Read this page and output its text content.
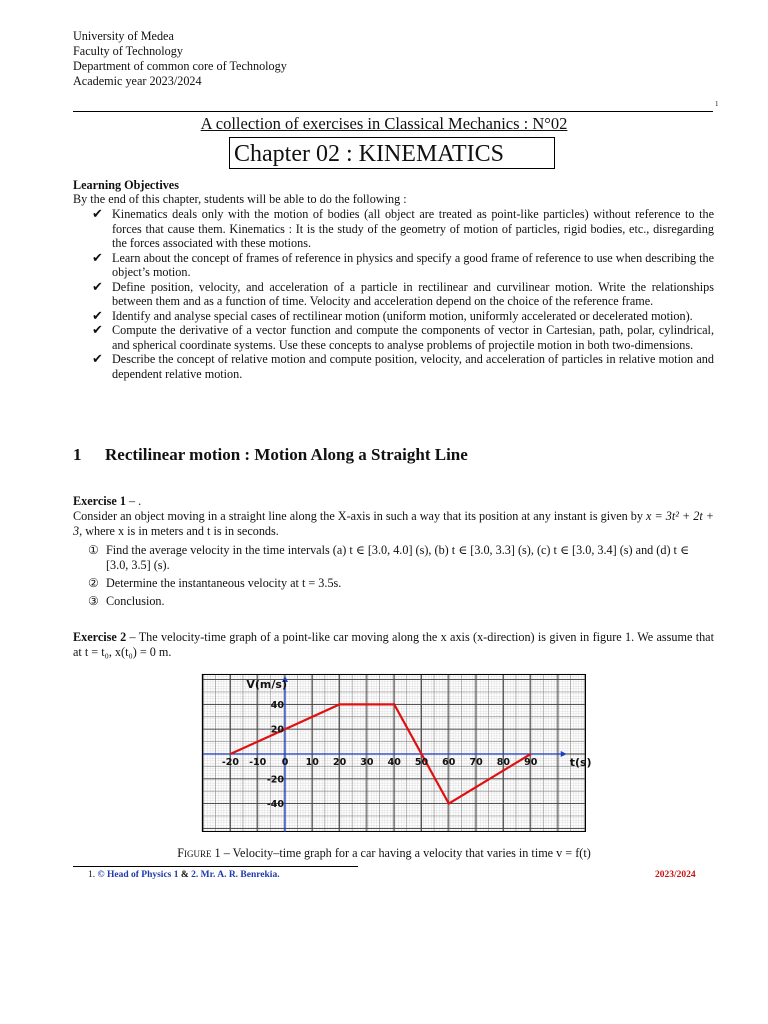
University of Medea
Faculty of Technology
Department of common core of Technology
Academic year 2023/2024
1
A collection of exercises in Classical Mechanics : N°02
Chapter 02 : KINEMATICS
Learning Objectives
By the end of this chapter, students will be able to do the following :
✔ Kinematics deals only with the motion of bodies (all object are treated as point-like particles) without reference to the forces that cause them. Kinematics : It is the study of the geometry of motion of particles, rigid bodies, etc., disregarding the forces associated with these motions.
✔ Learn about the concept of frames of reference in physics and specify a good frame of reference to use when describing the object’s motion.
✔ Define position, velocity, and acceleration of a particle in rectilinear and curvilinear motion. Write the relationships between them and as a function of time. Velocity and acceleration depend on the choice of the reference frame.
✔ Identify and analyse special cases of rectilinear motion (uniform motion, uniformly accelerated or decelerated motion).
✔ Compute the derivative of a vector function and compute the components of vector in Cartesian, path, polar, cylindrical, and spherical coordinate systems. Use these concepts to analyse problems of projectile motion in both two-dimensions.
✔ Describe the concept of relative motion and compute position, velocity, and acceleration of particles in relative motion and dependent relative motion.
1 Rectilinear motion : Motion Along a Straight Line
Exercise 1 – .
Consider an object moving in a straight line along the X-axis in such a way that its position at any instant is given by x = 3t² + 2t + 3, where x is in meters and t is in seconds.
① Find the average velocity in the time intervals (a) t ∈ [3.0, 4.0] (s), (b) t ∈ [3.0, 3.3] (s), (c) t ∈ [3.0, 3.4] (s) and (d) t ∈ [3.0, 3.5] (s).
② Determine the instantaneous velocity at t = 3.5s.
③ Conclusion.
Exercise 2 – The velocity-time graph of a point-like car moving along the x axis (x-direction) is given in figure 1. We assume that at t = t₀, x(t₀) = 0 m.
-20 -10 0 10 20 30 40 50 60 70 80 90
40
20
-20
-40
t(s)
V(m/s)
Figure 1 – Velocity–time graph for a car having a velocity that varies in time v = f(t)
1. © Head of Physics 1 & 2. Mr. A. R. Benrekia.	2023/2024
